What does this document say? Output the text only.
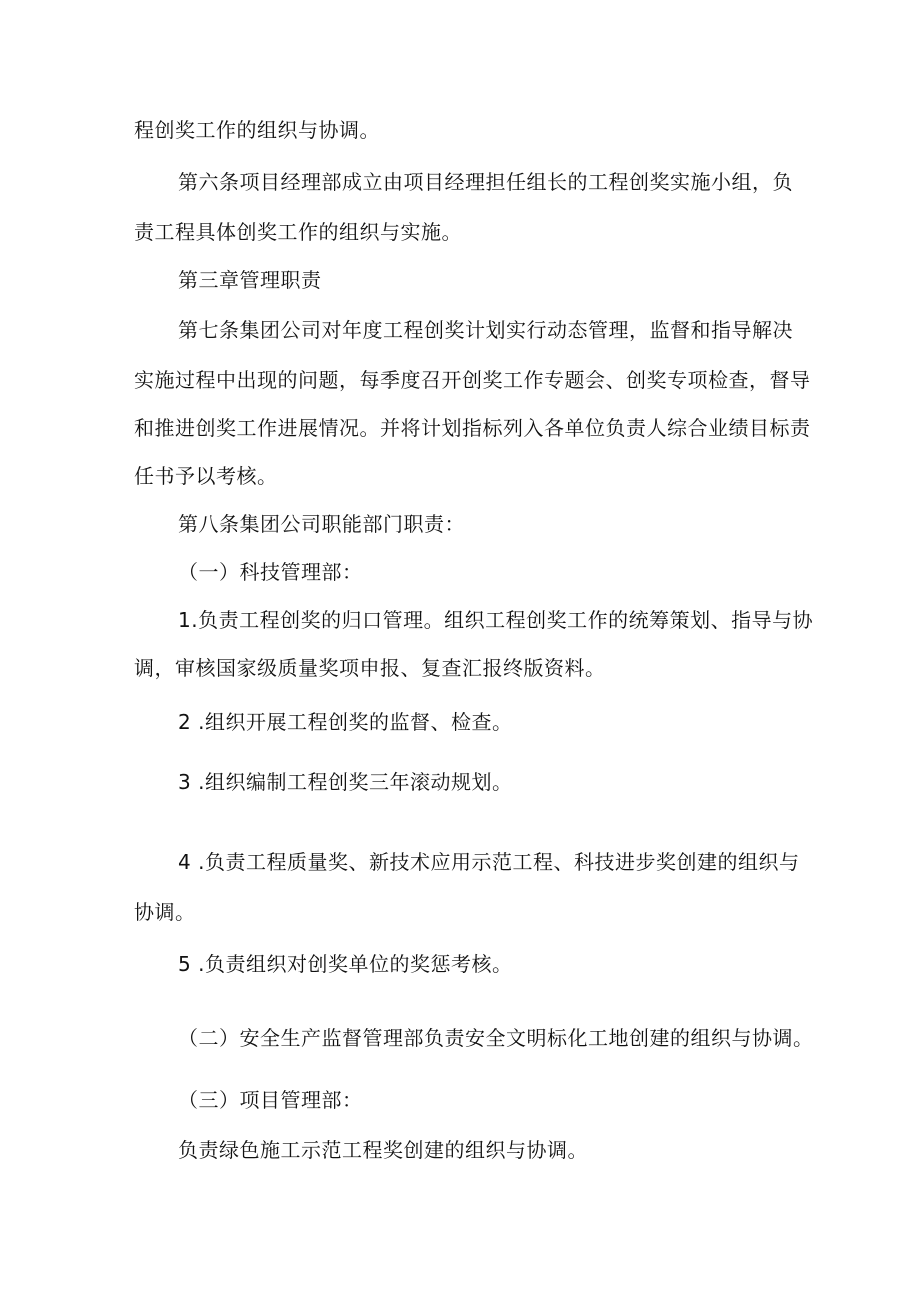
程创奖工作的组织与协调。
第六条项目经理部成立由项目经理担任组长的工程创奖实施小组，负
责工程具体创奖工作的组织与实施。
第三章管理职责
第七条集团公司对年度工程创奖计划实行动态管理，监督和指导解决
实施过程中出现的问题，每季度召开创奖工作专题会、创奖专项检查，督导
和推进创奖工作进展情况。并将计划指标列入各单位负责人综合业绩目标责
任书予以考核。
第八条集团公司职能部门职责：
（一）科技管理部：
1.负责工程创奖的归口管理。组织工程创奖工作的统筹策划、指导与协
调，审核国家级质量奖项申报、复查汇报终版资料。
2 .组织开展工程创奖的监督、检查。
3 .组织编制工程创奖三年滚动规划。
4 .负责工程质量奖、新技术应用示范工程、科技进步奖创建的组织与
协调。
5 .负责组织对创奖单位的奖惩考核。
（二）安全生产监督管理部负责安全文明标化工地创建的组织与协调。
（三）项目管理部：
负责绿色施工示范工程奖创建的组织与协调。
